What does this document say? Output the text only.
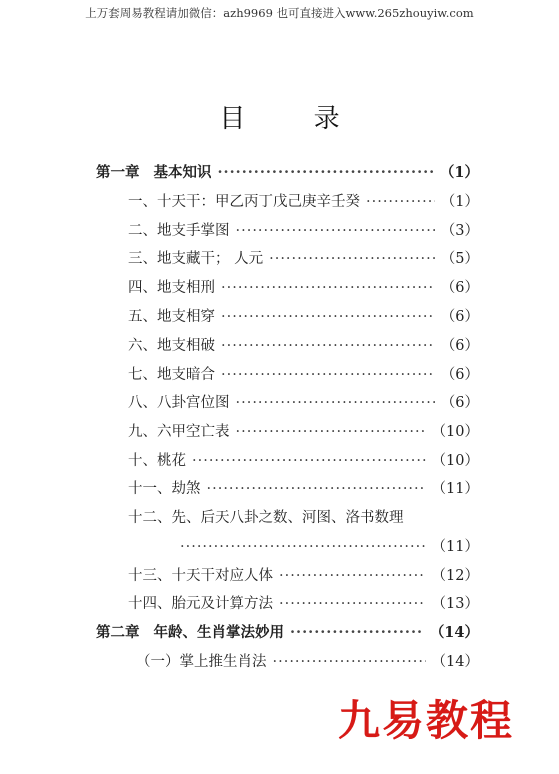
上万套周易教程请加微信：azh9969 也可直接进入www.265zhouyiw.com
目 录
第一章 基本知识 ·····	（1）
一、十天干：甲乙丙丁戊己庚辛壬癸 ·····	（1）
二、地支手掌图 ·····	（3）
三、地支藏干； 人元 ·····	（5）
四、地支相刑 ·····	（6）
五、地支相穿 ·····	（6）
六、地支相破 ·····	（6）
七、地支暗合 ·····	（6）
八、八卦宫位图 ·····	（6）
九、六甲空亡表 ·····	（10）
十、桃花 ·····	（10）
十一、劫煞 ·····	（11）
十二、先、后天八卦之数、河图、洛书数理
·····
（11）
十三、十天干对应人体 ·····	（12）
十四、胎元及计算方法 ·····	（13）
第二章 年龄、生肖掌法妙用 ·····	（14）
（一）掌上推生肖法 ·····	（14）
九易教程
